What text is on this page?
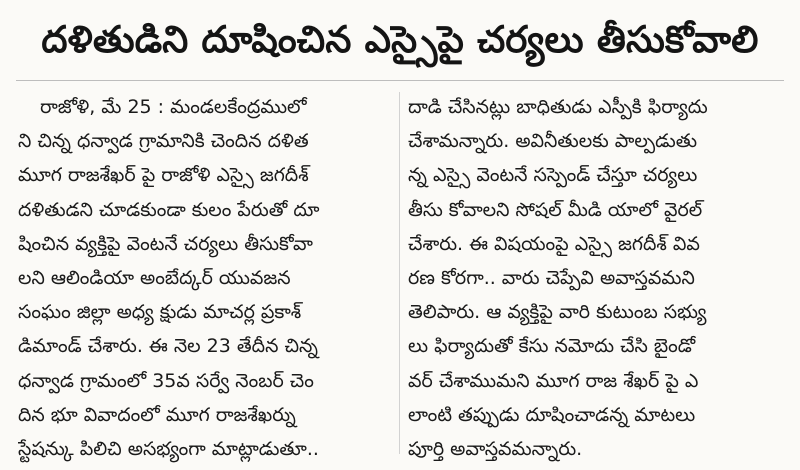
దళితుడిని దూషించిన ఎస్సైపై చర్యలు తీసుకోవాలి
రాజోళి, మే 25 : మండలకేంద్రములో
ని చిన్న ధన్వాడ గ్రామానికి చెందిన దళిత
మూగ రాజశేఖర్ పై రాజోళి ఎస్సై జగదీశ్
దళితుడని చూడకుండా కులం పేరుతో దూ
షించిన వ్యక్తిపై వెంటనే చర్యలు తీసుకోవా
లని ఆలిండియా అంబేద్కర్ యువజన
సంఘం జిల్లా అధ్య క్షుడు మాచర్ల ప్రకాశ్
డిమాండ్ చేశారు. ఈ నెల 23 తేదీన చిన్న
ధన్వాడ గ్రామంలో 35వ సర్వే నెంబర్ చెం
దిన భూ వివాదంలో మూగ రాజశేఖర్ను
స్టేషన్కు పిలిచి అసభ్యంగా మాట్లాడుతూ..
దాడి చేసినట్లు బాధితుడు ఎస్పీకి ఫిర్యాదు
చేశామన్నారు. అవినీతులకు పాల్పడుతు
న్న ఎస్సై వెంటనే సస్పెండ్ చేస్తూ చర్యలు
తీసు కోవాలని సోషల్ మీడి యాలో వైరల్
చేశారు. ఈ విషయంపై ఎస్సై జగదీశ్ వివ
రణ కోరగా.. వారు చెప్పేవి అవాస్తవమని
తెలిపారు. ఆ వ్యక్తిపై వారి కుటుంబ సభ్యు
లు ఫిర్యాదుతో కేసు నమోదు చేసి బైండో
వర్ చేశాముమని మూగ రాజ శేఖర్ పై ఎ
లాంటి తప్పుడు దూషించాడన్న మాటలు
పూర్తి అవాస్తవమన్నారు.
